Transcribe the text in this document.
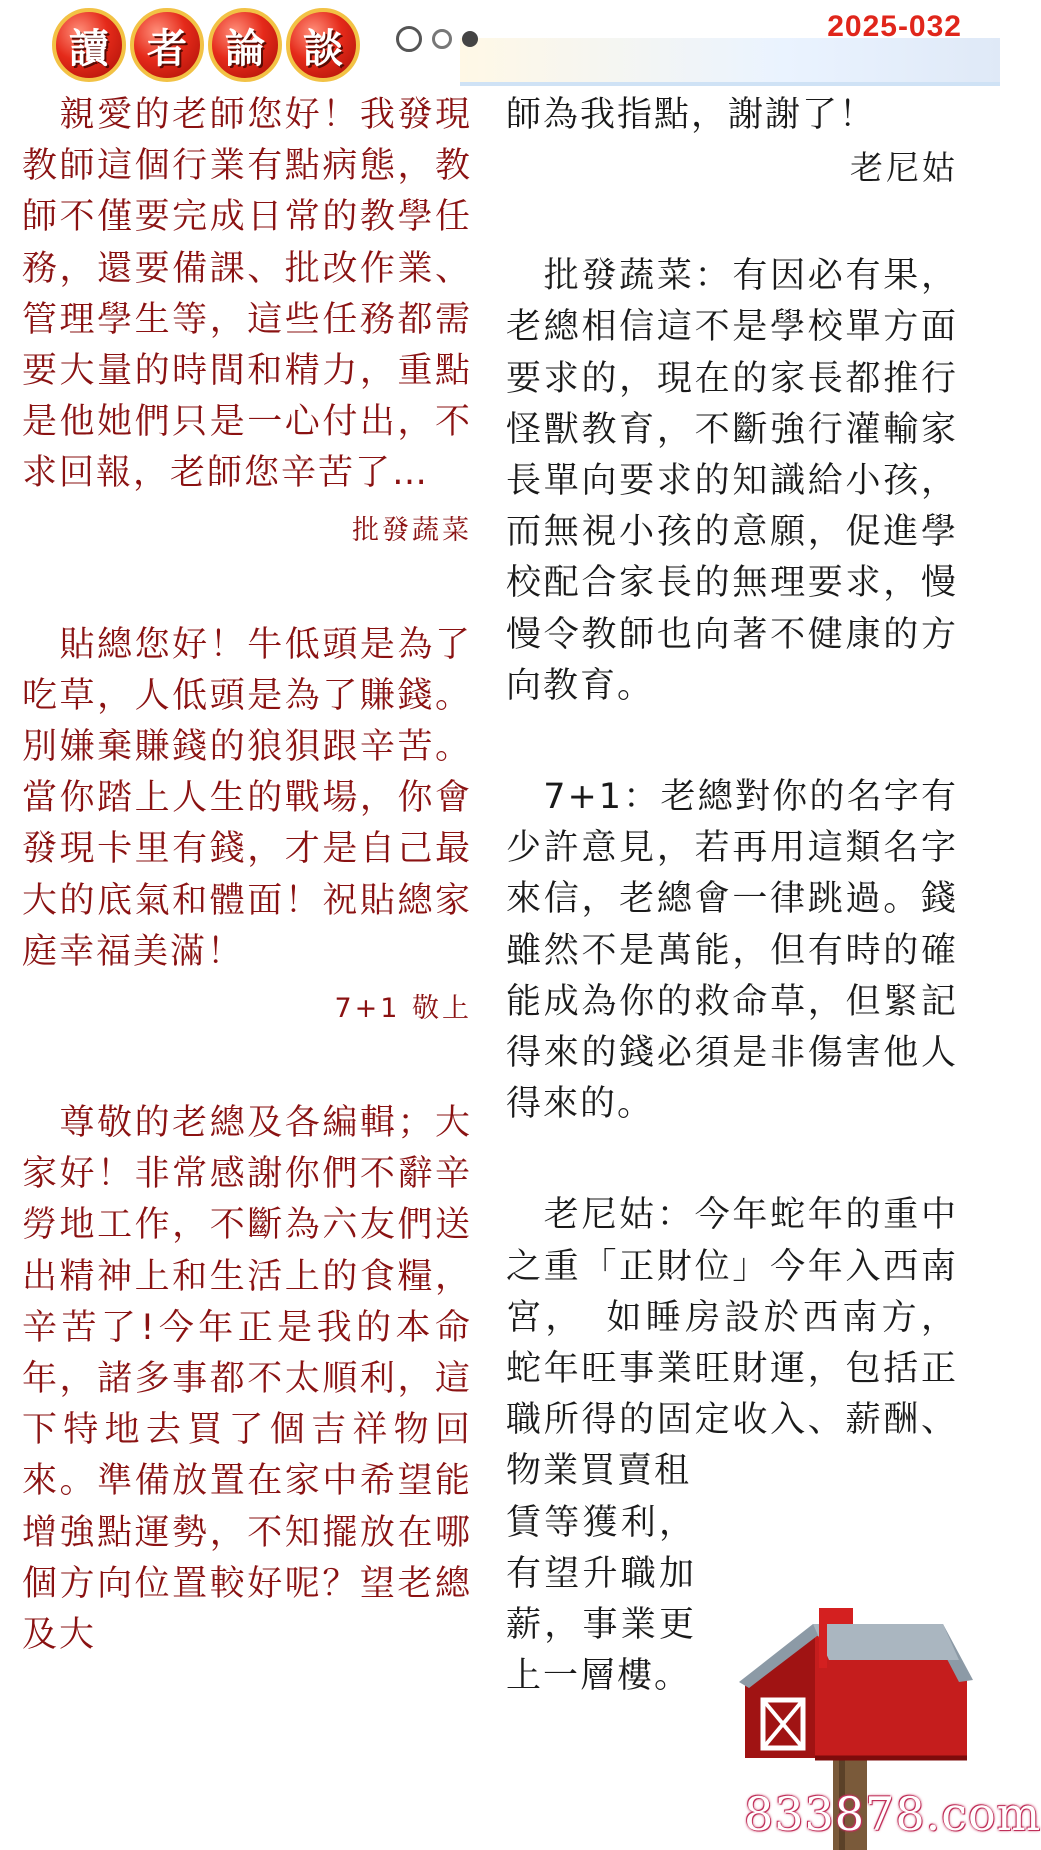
讀 者 論 談	2025-032

　親愛的老師您好！我發現教師這個行業有點病態，教師不僅要完成日常的教學任務，還要備課、批改作業、管理學生等，這些任務都需要大量的時間和精力，重點是他她們只是一心付出，不求回報，老師您辛苦了…

批發蔬菜

　貼總您好！牛低頭是為了吃草，人低頭是為了賺錢。別嫌棄賺錢的狼狽跟辛苦。當你踏上人生的戰場，你會發現卡里有錢，才是自己最大的底氣和體面！祝貼總家庭幸福美滿！

7+1 敬上

　尊敬的老總及各編輯；大家好！非常感謝你們不辭辛勞地工作，不斷為六友們送出精神上和生活上的食糧，辛苦了!今年正是我的本命年，諸多事都不太順利，這下特地去買了個吉祥物回來。準備放置在家中希望能增強點運勢，不知擺放在哪個方向位置較好呢？望老總及大

師為我指點，謝謝了！

老尼姑

　批發蔬菜：有因必有果，老總相信這不是學校單方面要求的，現在的家長都推行怪獸教育，不斷強行灌輸家長單向要求的知識給小孩，而無視小孩的意願，促進學校配合家長的無理要求，慢慢令教師也向著不健康的方向教育。

　7+1：老總對你的名字有少許意見，若再用這類名字來信，老總會一律跳過。錢雖然不是萬能，但有時的確能成為你的救命草，但緊記得來的錢必須是非傷害他人得來的。

　老尼姑：今年蛇年的重中之重「正財位」今年入西南宮，　如睡房設於西南方，蛇年旺事業旺財運，包括正職所得的固定收入、薪酬、物業買賣租

賃等獲利，有望升職加薪，事業更上一層樓。

833878.com
